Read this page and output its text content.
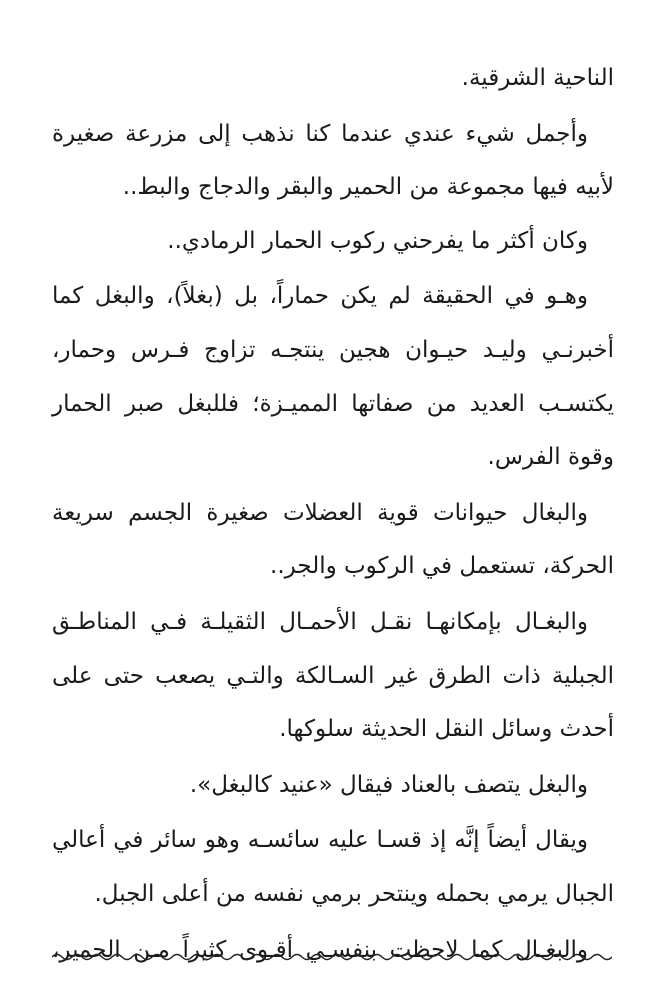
الناحية الشرقية.
وأجمل شيء عندي عندما كنا نذهب إلى مزرعة صغيرة
لأبيه فيها مجموعة من الحمير والبقر والدجاج والبط..
وكان أكثر ما يفرحني ركوب الحمار الرمادي..
وهـو في الحقيقة لم يكن حماراً، بل (بغلاً)، والبغل كما
أخبرنـي وليـد حيـوان هجين ينتجـه تزاوج فـرس وحمار،
يكتسـب العديد من صفاتها المميـزة؛ فللبغل صبر الحمار
وقوة الفرس.
والبغال حيوانات قوية العضلات صغيرة الجسم سريعة
الحركة، تستعمل في الركوب والجر..
والبغـال بإمكانهـا نقـل الأحمـال الثقيلـة فـي المناطـق
الجبلية ذات الطرق غير السـالكة والتـي يصعب حتى على
أحدث وسائل النقل الحديثة سلوكها.
والبغل يتصف بالعناد فيقال «عنيد كالبغل».
ويقال أيضاً إنَّه إذ قسـا عليه سائسـه وهو سائر في أعالي
الجبال يرمي بحمله وينتحر برمي نفسه من أعلى الجبل.
والبغـال كما لاحظت بنفسـي أقـوى كثيراً مـن الحمير،
